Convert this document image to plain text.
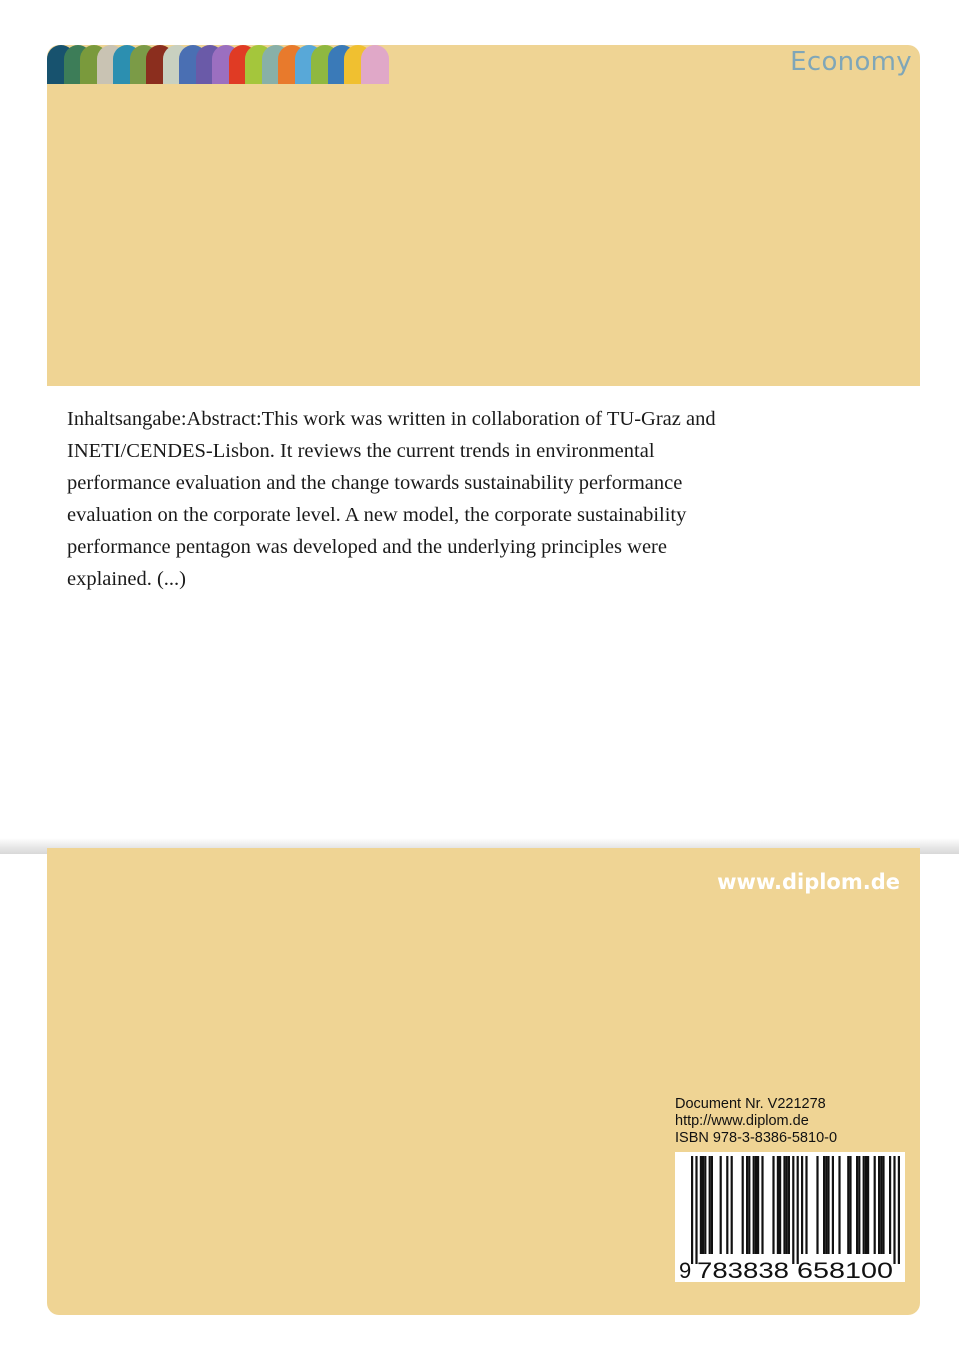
Economy
Inhaltsangabe:Abstract:This work was written in collaboration of TU-Graz and
INETI/CENDES-Lisbon. It reviews the current trends in environmental
performance evaluation and the change towards sustainability performance
evaluation on the corporate level. A new model, the corporate sustainability
performance pentagon was developed and the underlying principles were
explained. (...)
www.diplom.de
Document Nr. V221278
http://www.diplom.de
ISBN 978-3-8386-5810-0
9 783838 658100
